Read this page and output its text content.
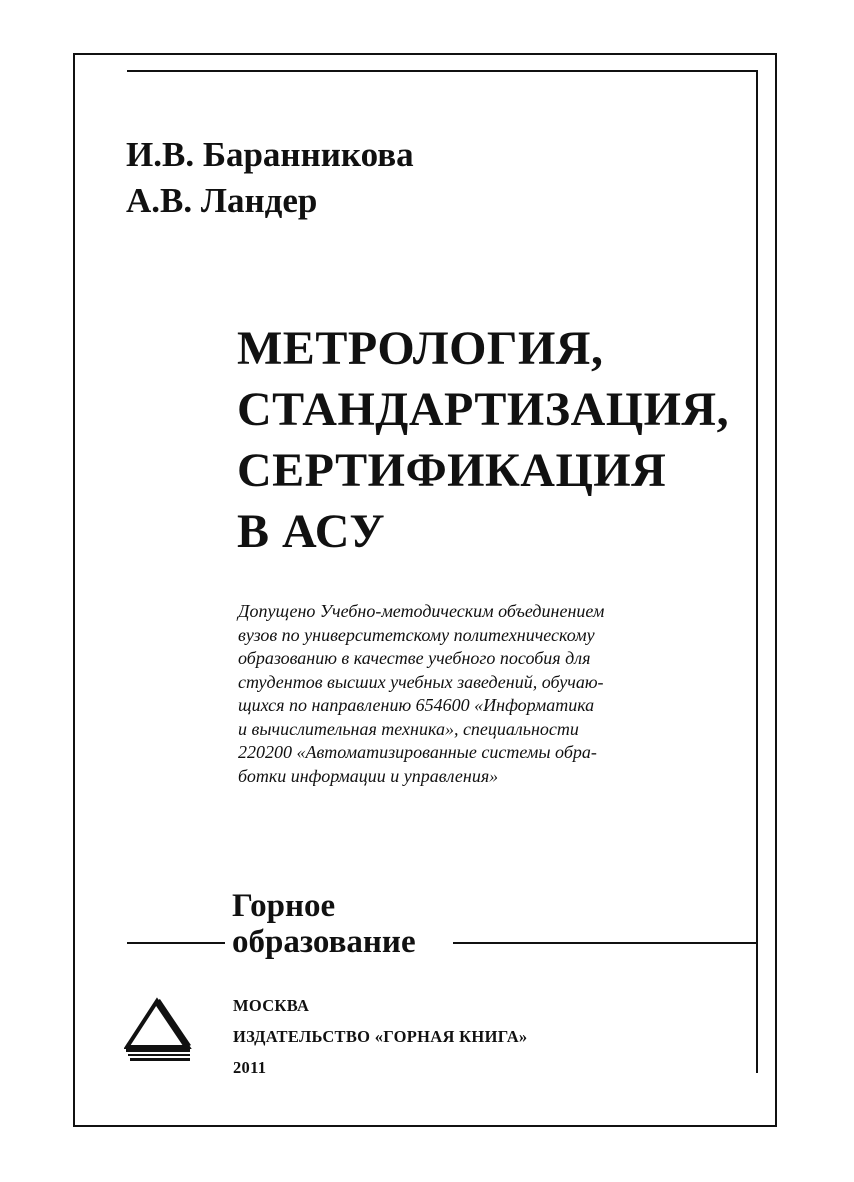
И.В. Баранникова
А.В. Ландер
МЕТРОЛОГИЯ,
СТАНДАРТИЗАЦИЯ,
СЕРТИФИКАЦИЯ
В АСУ
Допущено Учебно-методическим объединением
вузов по университетскому политехническому
образованию в качестве учебного пособия для
студентов высших учебных заведений, обучаю-
щихся по направлению 654600 «Информатика
и вычислительная техника», специальности
220200 «Автоматизированные системы обра-
ботки информации и управления»
Горное
образование
МОСКВА
ИЗДАТЕЛЬСТВО «ГОРНАЯ КНИГА»
2011
